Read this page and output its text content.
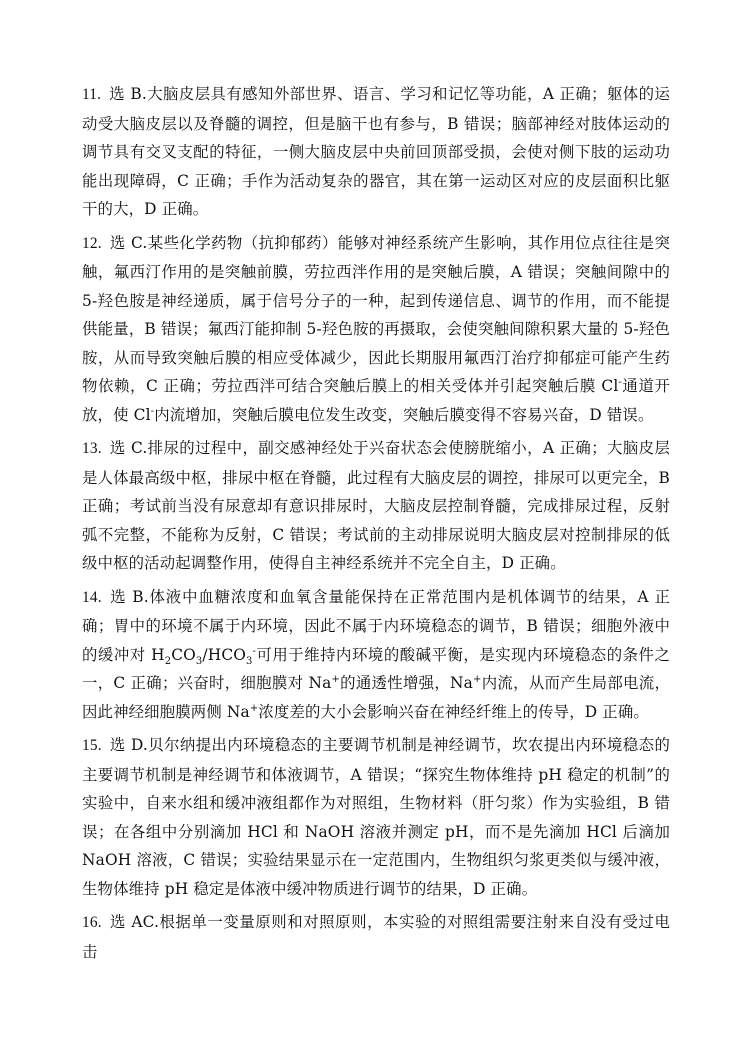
11.  选 B.大脑皮层具有感知外部世界、语言、学习和记忆等功能，A 正确；躯体的运动受大脑皮层以及脊髓的调控，但是脑干也有参与，B 错误；脑部神经对肢体运动的调节具有交叉支配的特征，一侧大脑皮层中央前回顶部受损，会使对侧下肢的运动功能出现障碍，C 正确；手作为活动复杂的器官，其在第一运动区对应的皮层面积比躯干的大，D 正确。

12.  选 C.某些化学药物（抗抑郁药）能够对神经系统产生影响，其作用位点往往是突触，氟西汀作用的是突触前膜，劳拉西泮作用的是突触后膜，A 错误；突触间隙中的 5-羟色胺是神经递质，属于信号分子的一种，起到传递信息、调节的作用，而不能提供能量，B 错误；氟西汀能抑制 5-羟色胺的再摄取，会使突触间隙积累大量的 5-羟色胺，从而导致突触后膜的相应受体减少，因此长期服用氟西汀治疗抑郁症可能产生药物依赖，C 正确；劳拉西泮可结合突触后膜上的相关受体并引起突触后膜 Cl-通道开放，使 Cl-内流增加，突触后膜电位发生改变，突触后膜变得不容易兴奋，D 错误。

13.  选 C.排尿的过程中，副交感神经处于兴奋状态会使膀胱缩小，A 正确；大脑皮层是人体最高级中枢，排尿中枢在脊髓，此过程有大脑皮层的调控，排尿可以更完全，B 正确；考试前当没有尿意却有意识排尿时，大脑皮层控制脊髓，完成排尿过程，反射弧不完整，不能称为反射，C 错误；考试前的主动排尿说明大脑皮层对控制排尿的低级中枢的活动起调整作用，使得自主神经系统并不完全自主，D 正确。

14.  选 B.体液中血糖浓度和血氧含量能保持在正常范围内是机体调节的结果，A 正确；胃中的环境不属于内环境，因此不属于内环境稳态的调节，B 错误；细胞外液中的缓冲对 $H_2CO_3/HCO_3^-$可用于维持内环境的酸碱平衡，是实现内环境稳态的条件之一，C 正确；兴奋时，细胞膜对 Na+的通透性增强，Na+内流，从而产生局部电流，因此神经细胞膜两侧 Na+浓度差的大小会影响兴奋在神经纤维上的传导，D 正确。

15.  选 D.贝尔纳提出内环境稳态的主要调节机制是神经调节，坎农提出内环境稳态的主要调节机制是神经调节和体液调节，A 错误；“探究生物体维持 pH 稳定的机制”的实验中，自来水组和缓冲液组都作为对照组，生物材料（肝匀浆）作为实验组，B 错误；在各组中分别滴加 HCl 和 NaOH 溶液并测定 pH，而不是先滴加 HCl 后滴加 NaOH 溶液，C 错误；实验结果显示在一定范围内，生物组织匀浆更类似与缓冲液，生物体维持 pH 稳定是体液中缓冲物质进行调节的结果，D 正确。

16.  选 AC.根据单一变量原则和对照原则，本实验的对照组需要注射来自没有受过电击
